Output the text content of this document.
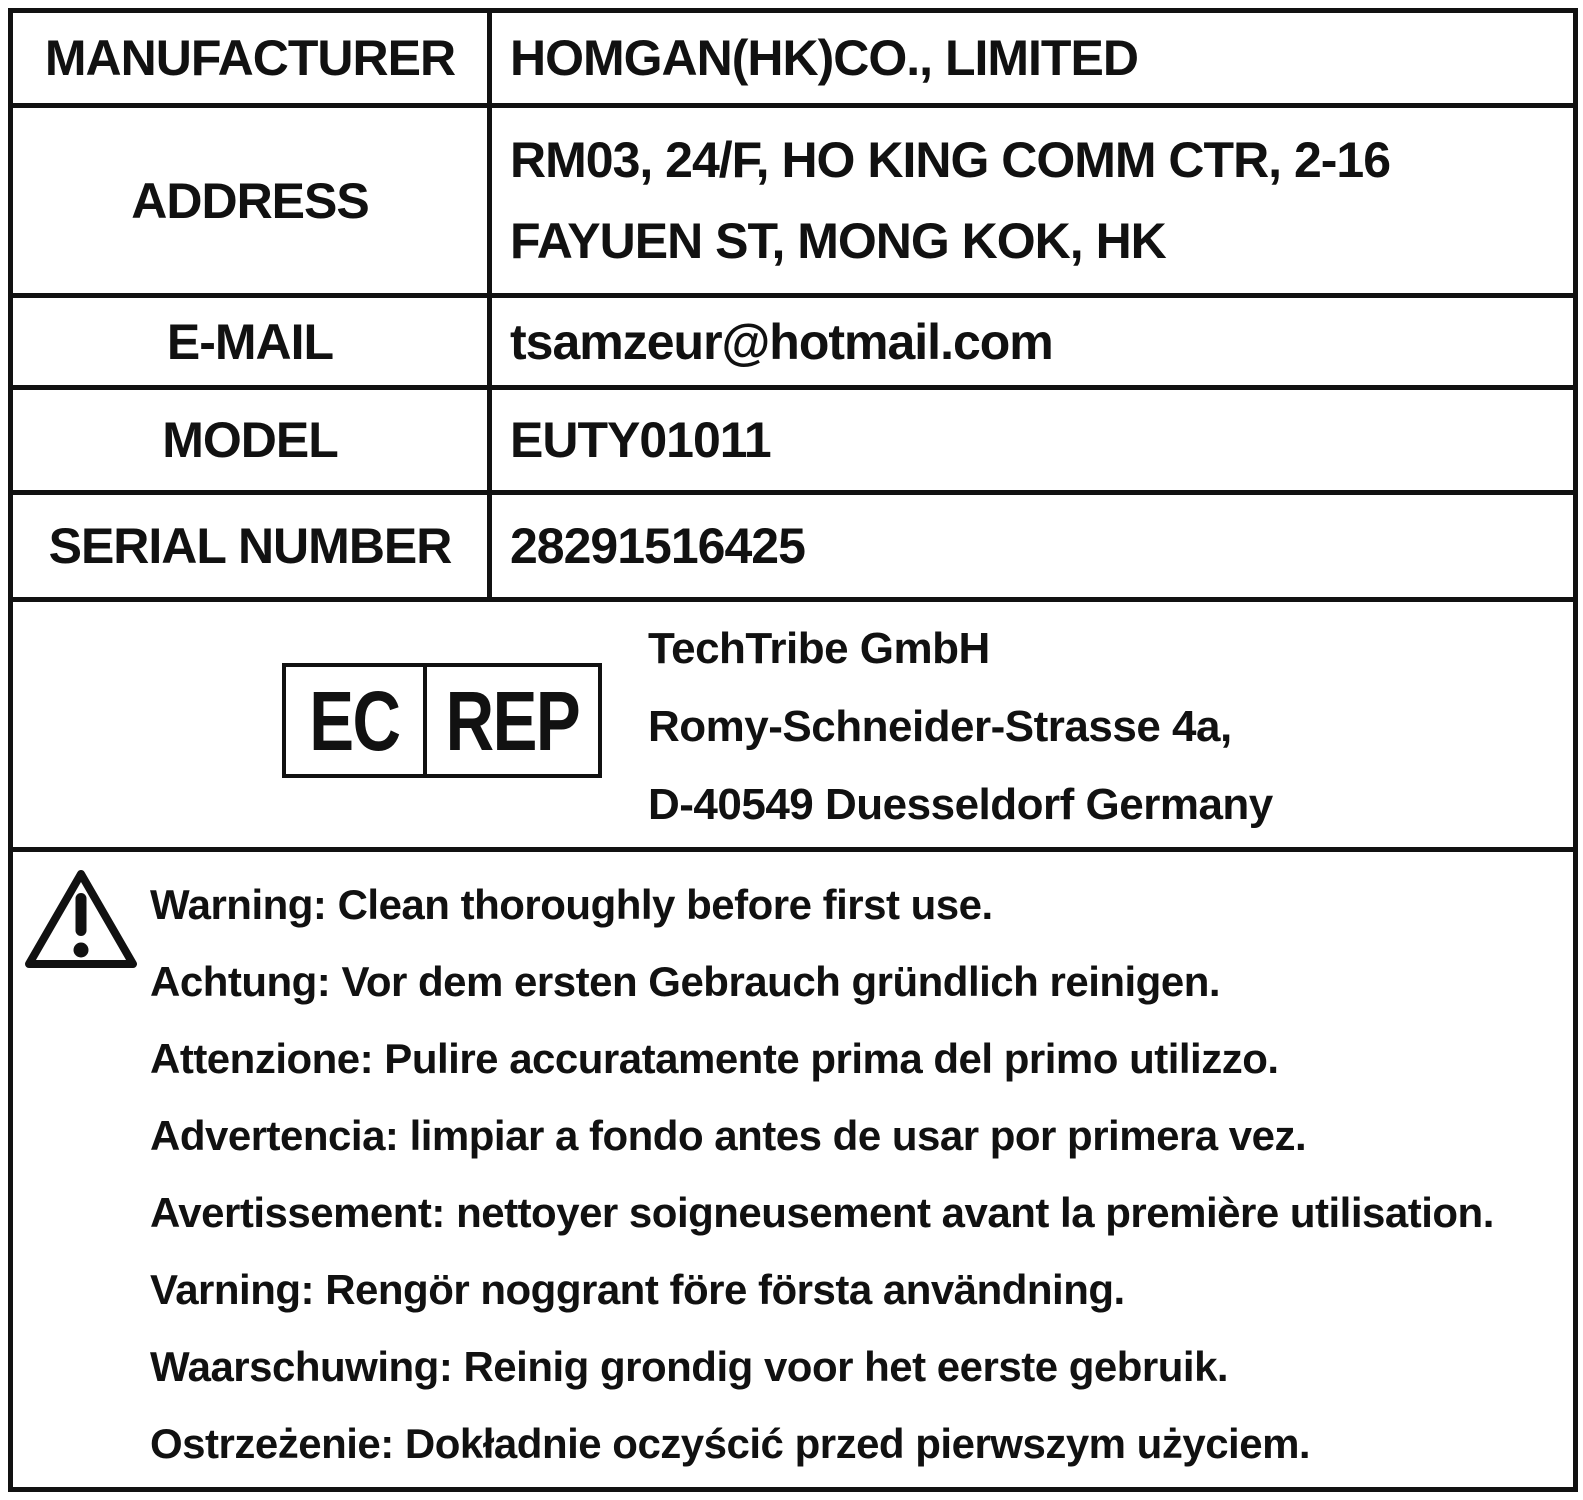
MANUFACTURER	HOMGAN(HK)CO., LIMITED
ADDRESS
RM03, 24/F, HO KING COMM CTR, 2-16
FAYUEN ST, MONG KOK, HK
E-MAIL	tsamzeur@hotmail.com
MODEL	EUTY01011
SERIAL NUMBER	28291516425
EC REP
TechTribe GmbH
Romy-Schneider-Strasse 4a,
D-40549 Duesseldorf Germany
Warning: Clean thoroughly before first use.
Achtung: Vor dem ersten Gebrauch gründlich reinigen.
Attenzione: Pulire accuratamente prima del primo utilizzo.
Advertencia: limpiar a fondo antes de usar por primera vez.
Avertissement: nettoyer soigneusement avant la première utilisation.
Varning: Rengör noggrant före första användning.
Waarschuwing: Reinig grondig voor het eerste gebruik.
Ostrzeżenie: Dokładnie oczyścić przed pierwszym użyciem.
